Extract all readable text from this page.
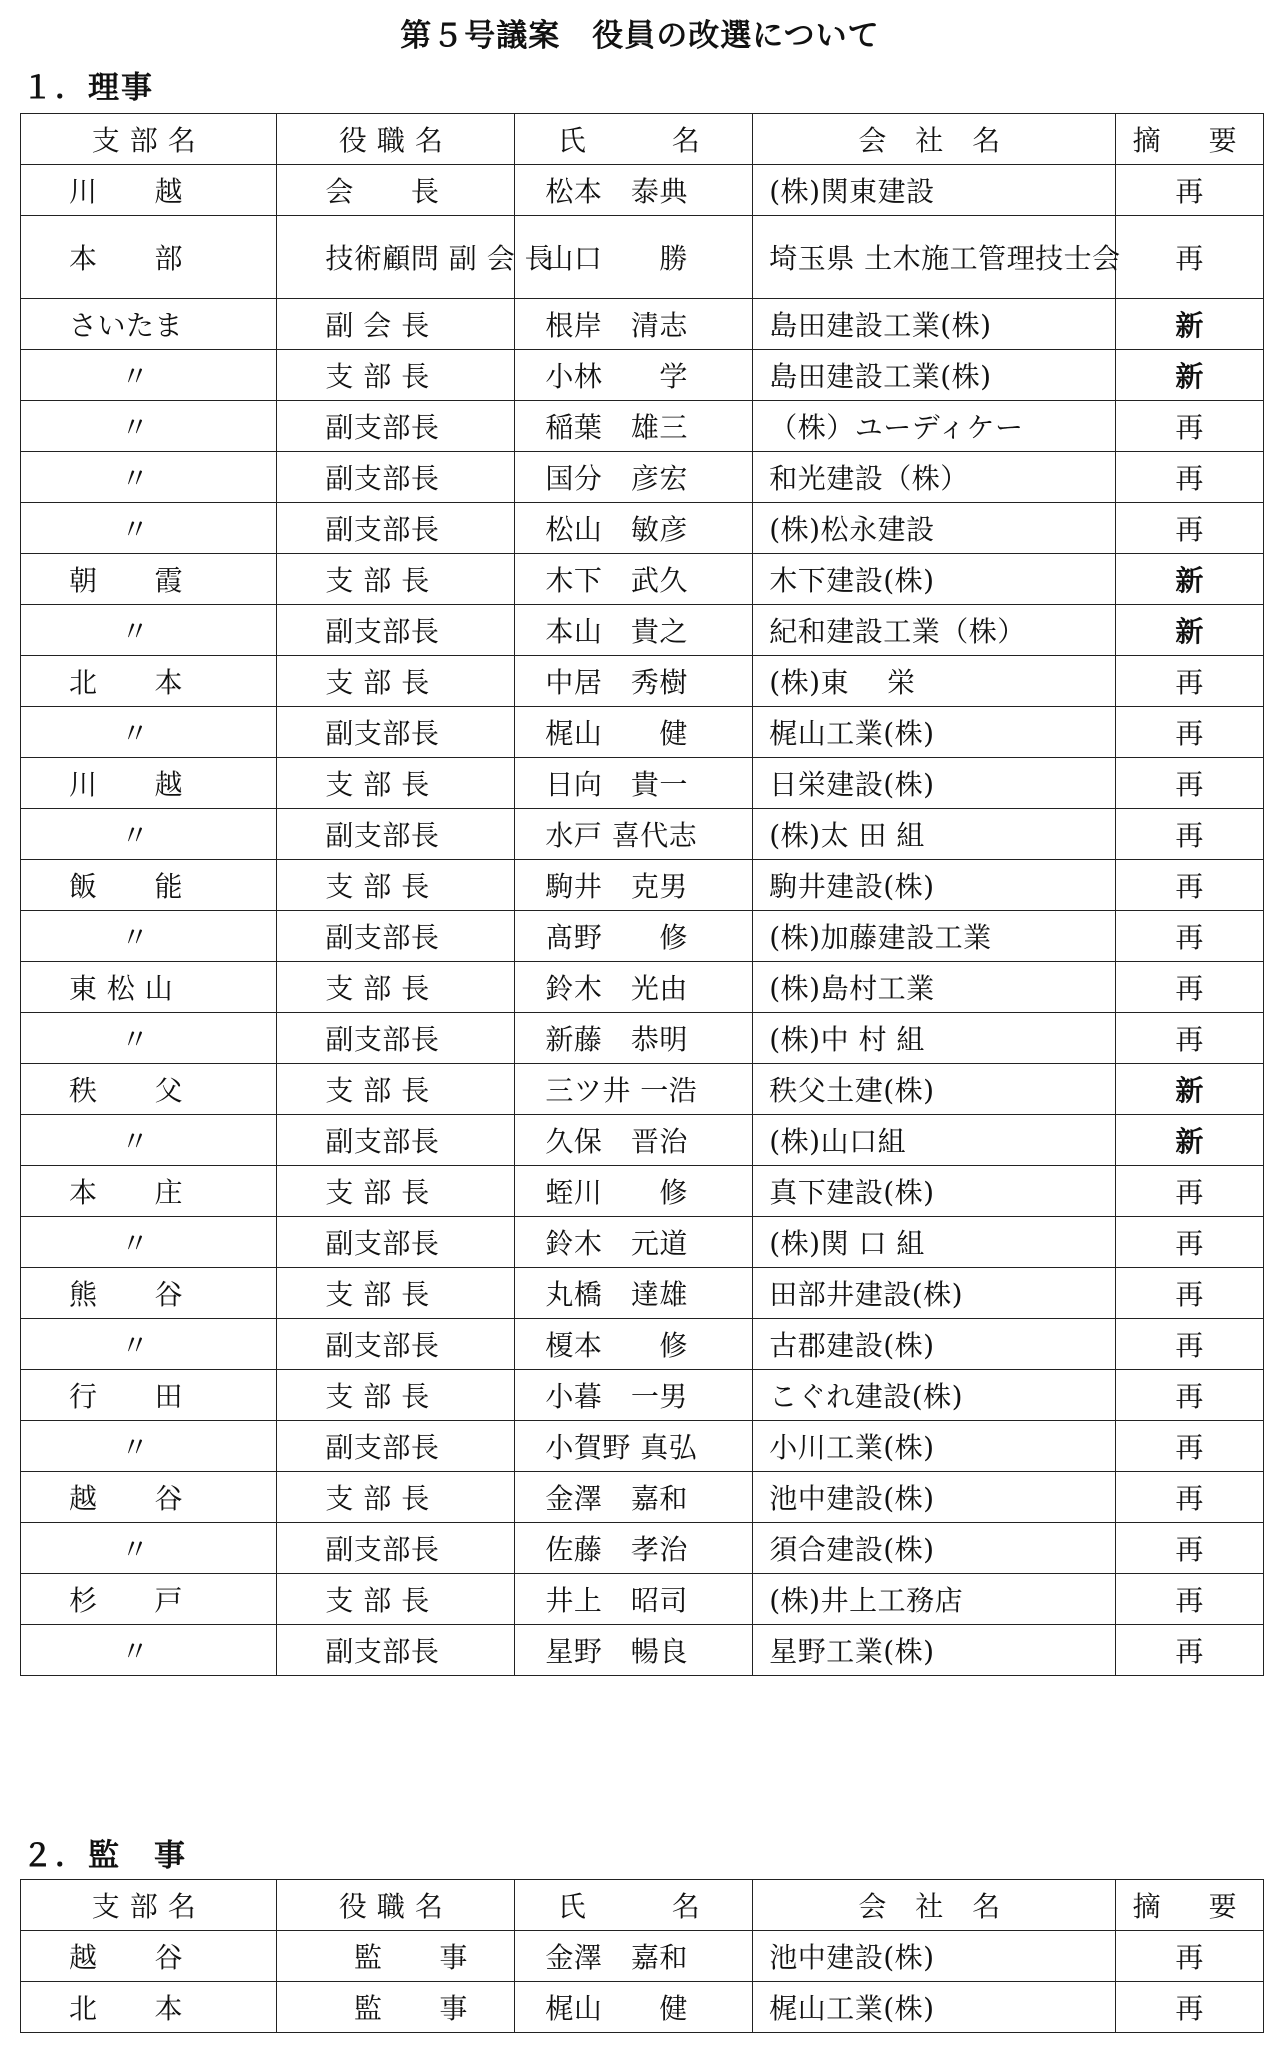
第５号議案　役員の改選について
１．理事
支部名	役職名	氏　　名	会 社 名	摘　要
川　　越	会　　長	松本　泰典	(株)関東建設	再
本　　部	技術顧問 副 会 長	山口　　勝	埼玉県 土木施工管理技士会	再
さいたま	副 会 長	根岸　清志	島田建設工業(株)	新
〃	支 部 長	小林　　学	島田建設工業(株)	新
〃	副支部長	稲葉　雄三	（株）ユーディケー	再
〃	副支部長	国分　彦宏	和光建設（株）	再
〃	副支部長	松山　敏彦	(株)松永建設	再
朝　　霞	支 部 長	木下　武久	木下建設(株)	新
〃	副支部長	本山　貴之	紀和建設工業（株）	新
北　　本	支 部 長	中居　秀樹	(株)東　 栄	再
〃	副支部長	梶山　　健	梶山工業(株)	再
川　　越	支 部 長	日向　貴一	日栄建設(株)	再
〃	副支部長	水戸 喜代志	(株)太 田 組	再
飯　　能	支 部 長	駒井　克男	駒井建設(株)	再
〃	副支部長	髙野　　修	(株)加藤建設工業	再
東 松 山	支 部 長	鈴木　光由	(株)島村工業	再
〃	副支部長	新藤　恭明	(株)中 村 組	再
秩　　父	支 部 長	三ツ井 一浩	秩父土建(株)	新
〃	副支部長	久保　晋治	(株)山口組	新
本　　庄	支 部 長	蛭川　　修	真下建設(株)	再
〃	副支部長	鈴木　元道	(株)関 口 組	再
熊　　谷	支 部 長	丸橋　達雄	田部井建設(株)	再
〃	副支部長	榎本　　修	古郡建設(株)	再
行　　田	支 部 長	小暮　一男	こぐれ建設(株)	再
〃	副支部長	小賀野 真弘	小川工業(株)	再
越　　谷	支 部 長	金澤　嘉和	池中建設(株)	再
〃	副支部長	佐藤　孝治	須合建設(株)	再
杉　　戸	支 部 長	井上　昭司	(株)井上工務店	再
〃	副支部長	星野　暢良	星野工業(株)	再
２．監　事
支部名	役職名	氏　　名	会 社 名	摘　要
越　　谷	　監　　事	金澤　嘉和	池中建設(株)	再
北　　本	　監　　事	梶山　　健	梶山工業(株)	再
